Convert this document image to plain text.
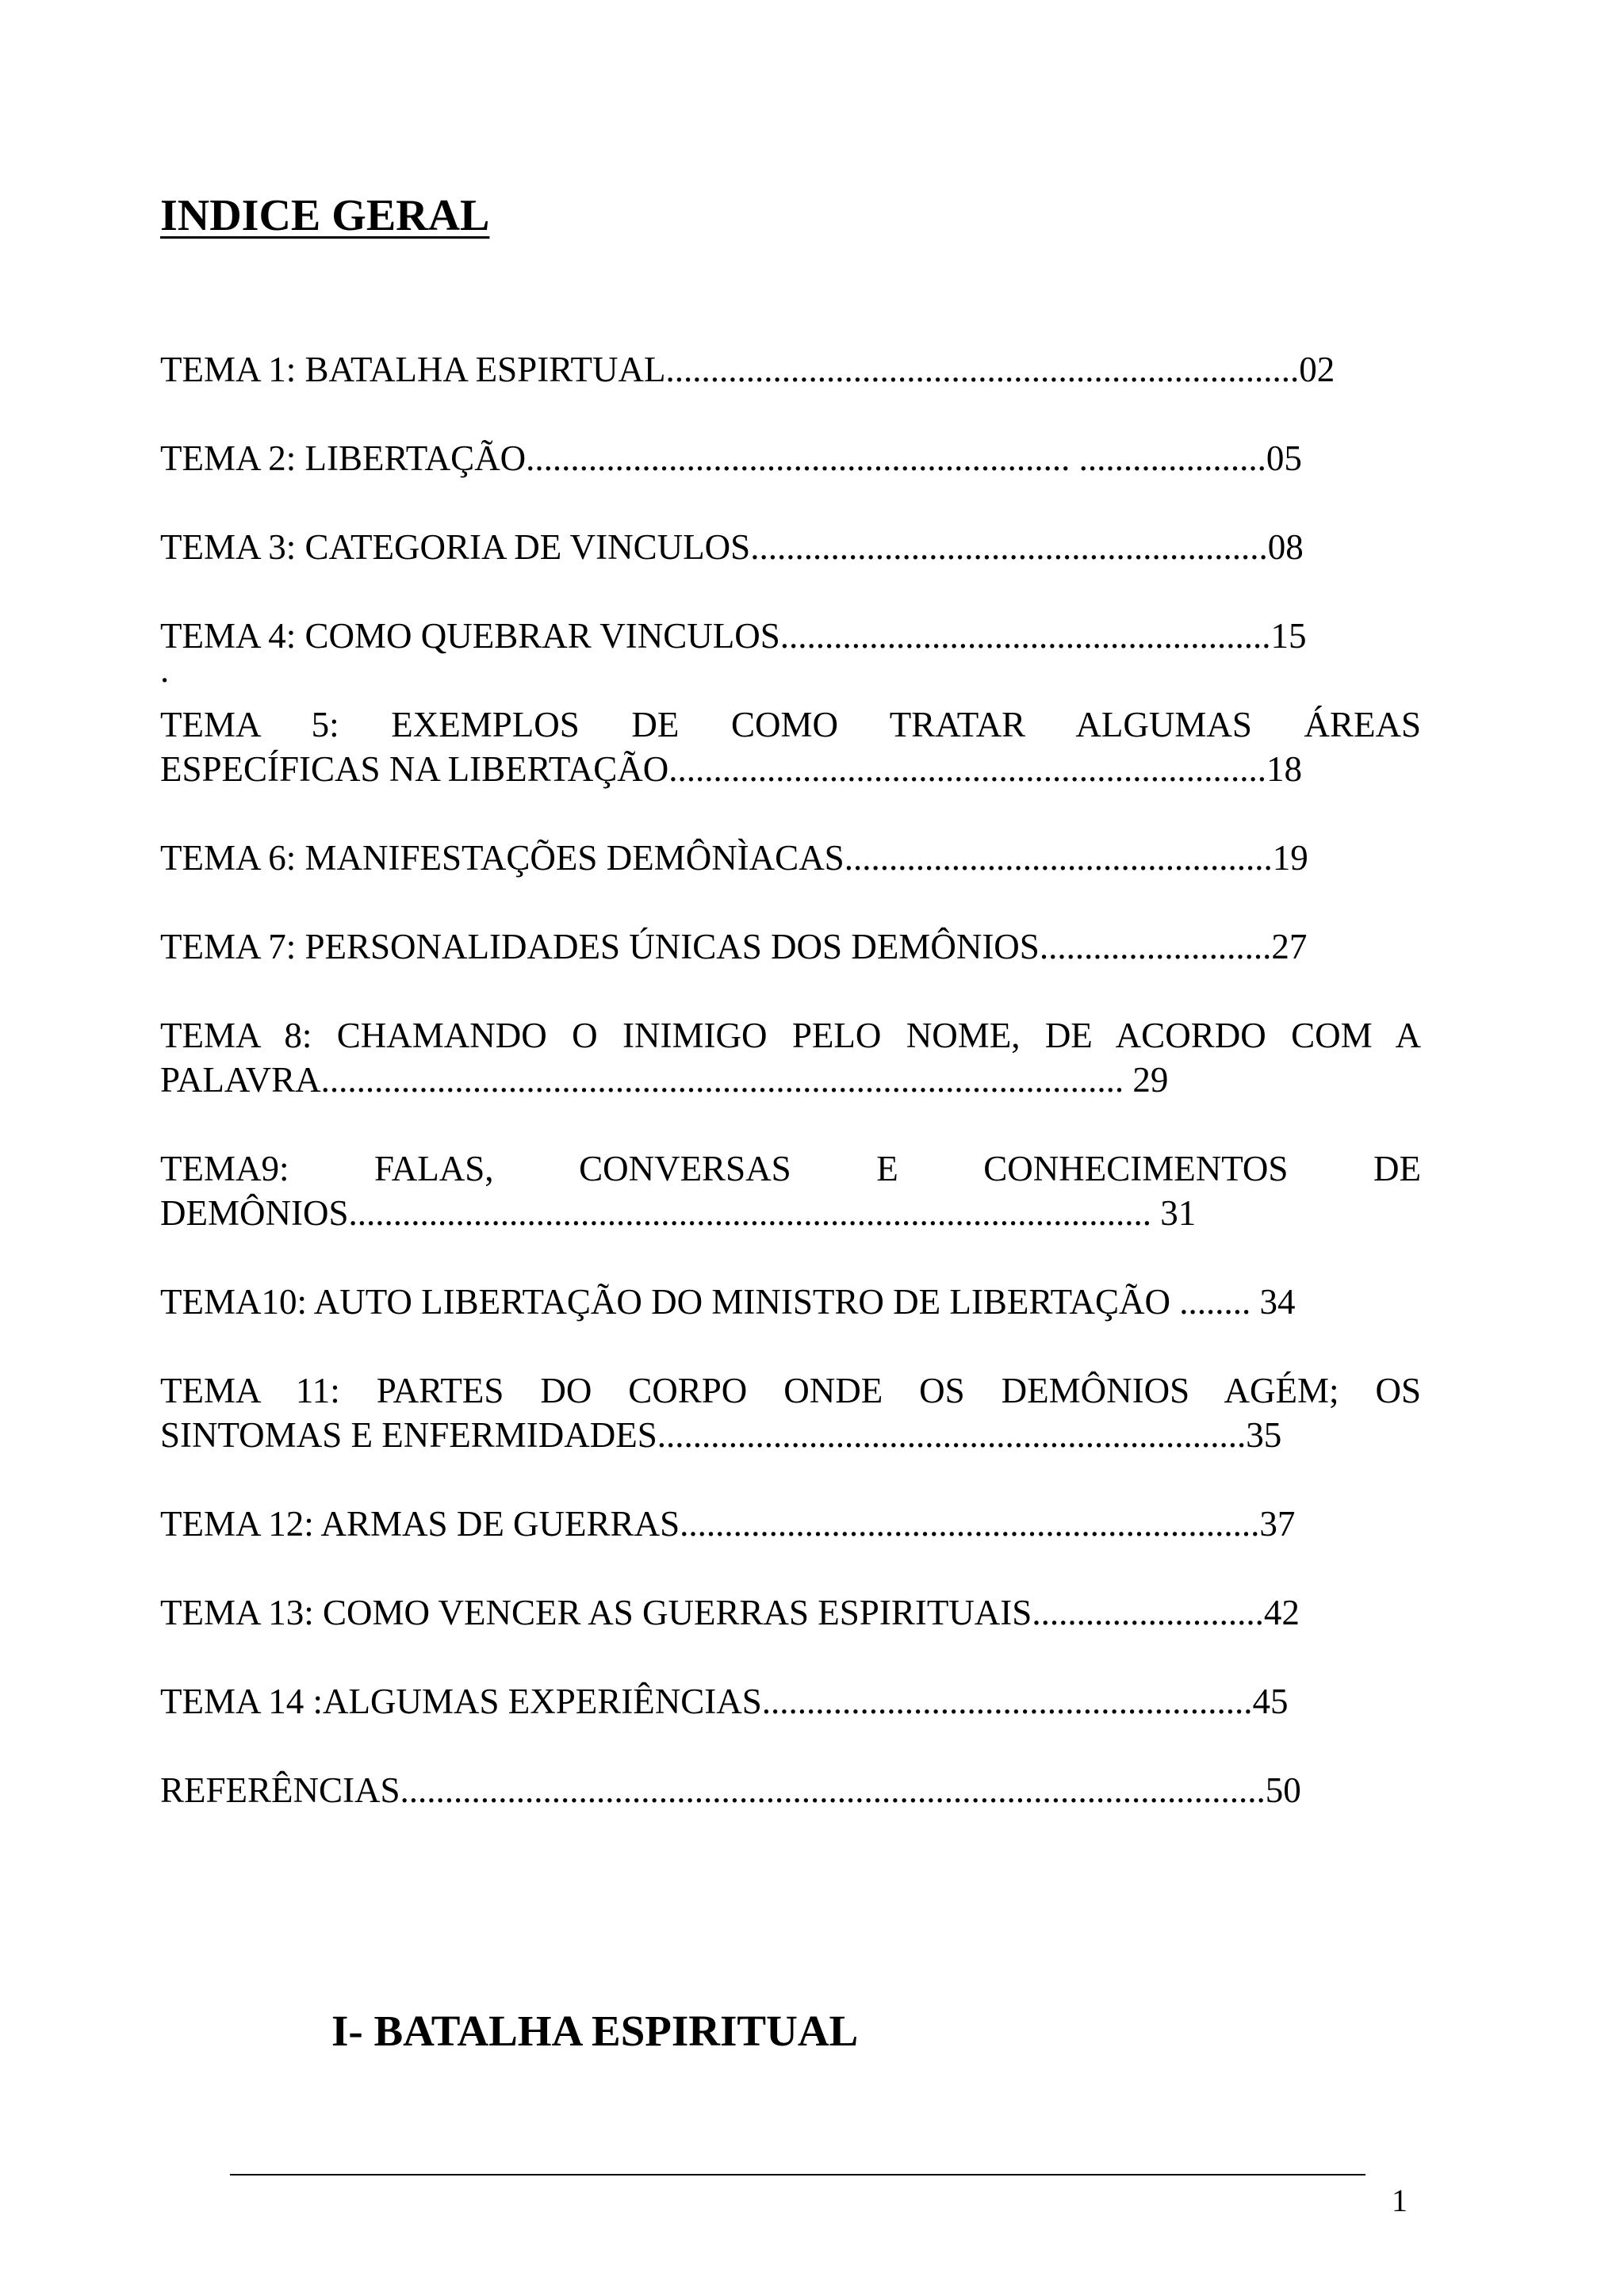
INDICE GERAL
TEMA 1: BATALHA ESPIRTUAL.......................................................................02
TEMA 2: LIBERTAÇÃO............................................................. .....................05
TEMA 3: CATEGORIA DE VINCULOS..........................................................08
TEMA 4: COMO QUEBRAR VINCULOS.......................................................15
.
TEMA 5: EXEMPLOS DE COMO TRATAR ALGUMAS ÁREAS
ESPECÍFICAS NA LIBERTAÇÃO...................................................................18
TEMA 6: MANIFESTAÇÕES DEMÔNÌACAS................................................19
TEMA 7: PERSONALIDADES ÚNICAS DOS DEMÔNIOS..........................27
TEMA 8: CHAMANDO O INIMIGO PELO NOME, DE ACORDO COM A
PALAVRA.......................................................................................... 29
TEMA9: FALAS, CONVERSAS E CONHECIMENTOS DE
DEMÔNIOS.......................................................................................... 31
TEMA10: AUTO LIBERTAÇÃO DO MINISTRO DE LIBERTAÇÃO ........ 34
TEMA 11: PARTES DO CORPO ONDE OS DEMÔNIOS AGÉM; OS
SINTOMAS E ENFERMIDADES..................................................................35
TEMA 12: ARMAS DE GUERRAS.................................................................37
TEMA 13: COMO VENCER AS GUERRAS ESPIRITUAIS..........................42
TEMA 14 :ALGUMAS EXPERIÊNCIAS.......................................................45
REFERÊNCIAS.................................................................................................50
I- BATALHA ESPIRITUAL
1
